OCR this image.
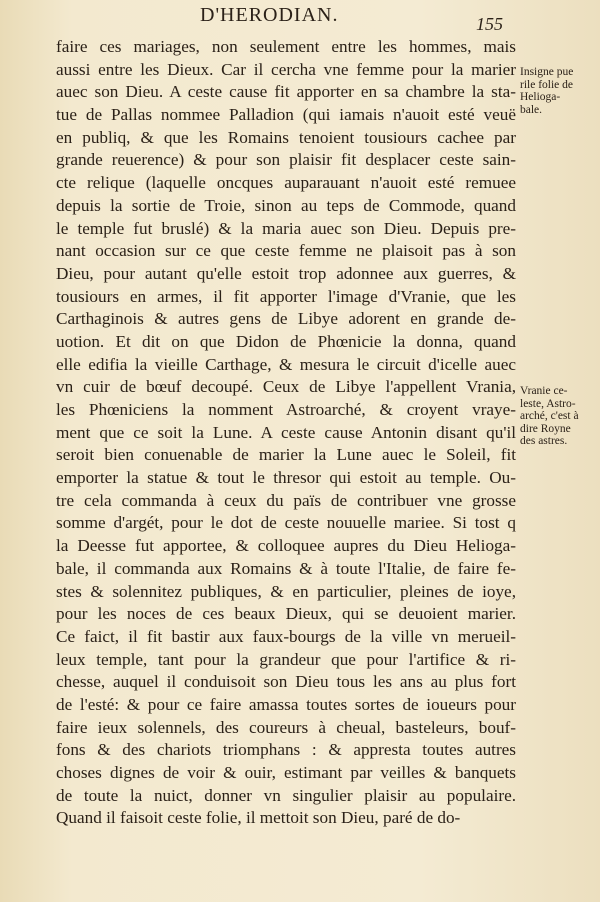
D'HERODIAN.	155
faire ces mariages, non seulement entre les hommes, mais
aussi entre les Dieux. Car il cercha vne femme pour la marier
auec son Dieu. A ceste cause fit apporter en sa chambre la sta-
tue de Pallas nommee Palladion (qui iamais n'auoit esté veuë
en publiq, & que les Romains tenoient tousiours cachee par
grande reuerence) & pour son plaisir fit desplacer ceste sain-
cte relique (laquelle oncques auparauant n'auoit esté remuee
depuis la sortie de Troie, sinon au teps de Commode, quand
le temple fut bruslé) & la maria auec son Dieu. Depuis pre-
nant occasion sur ce que ceste femme ne plaisoit pas à son
Dieu, pour autant qu'elle estoit trop adonnee aux guerres, &
tousiours en armes, il fit apporter l'image d'Vranie, que les
Carthaginois & autres gens de Libye adorent en grande de-
uotion. Et dit on que Didon de Phœnicie la donna, quand
elle edifia la vieille Carthage, & mesura le circuit d'icelle auec
vn cuir de bœuf decoupé. Ceux de Libye l'appellent Vrania,
les Phœniciens la nomment Astroarché, & croyent vraye-
ment que ce soit la Lune. A ceste cause Antonin disant qu'il
seroit bien conuenable de marier la Lune auec le Soleil, fit
emporter la statue & tout le thresor qui estoit au temple. Ou-
tre cela commanda à ceux du païs de contribuer vne grosse
somme d'argét, pour le dot de ceste nouuelle mariee. Si tost q
la Deesse fut apportee, & colloquee aupres du Dieu Helioga-
bale, il commanda aux Romains & à toute l'Italie, de faire fe-
stes & solennitez publiques, & en particulier, pleines de ioye,
pour les noces de ces beaux Dieux, qui se deuoient marier.
Ce faict, il fit bastir aux faux-bourgs de la ville vn merueil-
leux temple, tant pour la grandeur que pour l'artifice & ri-
chesse, auquel il conduisoit son Dieu tous les ans au plus fort
de l'esté: & pour ce faire amassa toutes sortes de ioueurs pour
faire ieux solennels, des coureurs à cheual, basteleurs, bouf-
fons & des chariots triomphans : & appresta toutes autres
choses dignes de voir & ouir, estimant par veilles & banquets
de toute la nuict, donner vn singulier plaisir au populaire.
Quand il faisoit ceste folie, il mettoit son Dieu, paré de do-
Insigne pue
rile folie de
Helioga-
bale.
Vranie ce-
leste, Astro-
arché, c'est à
dire Royne
des astres.
